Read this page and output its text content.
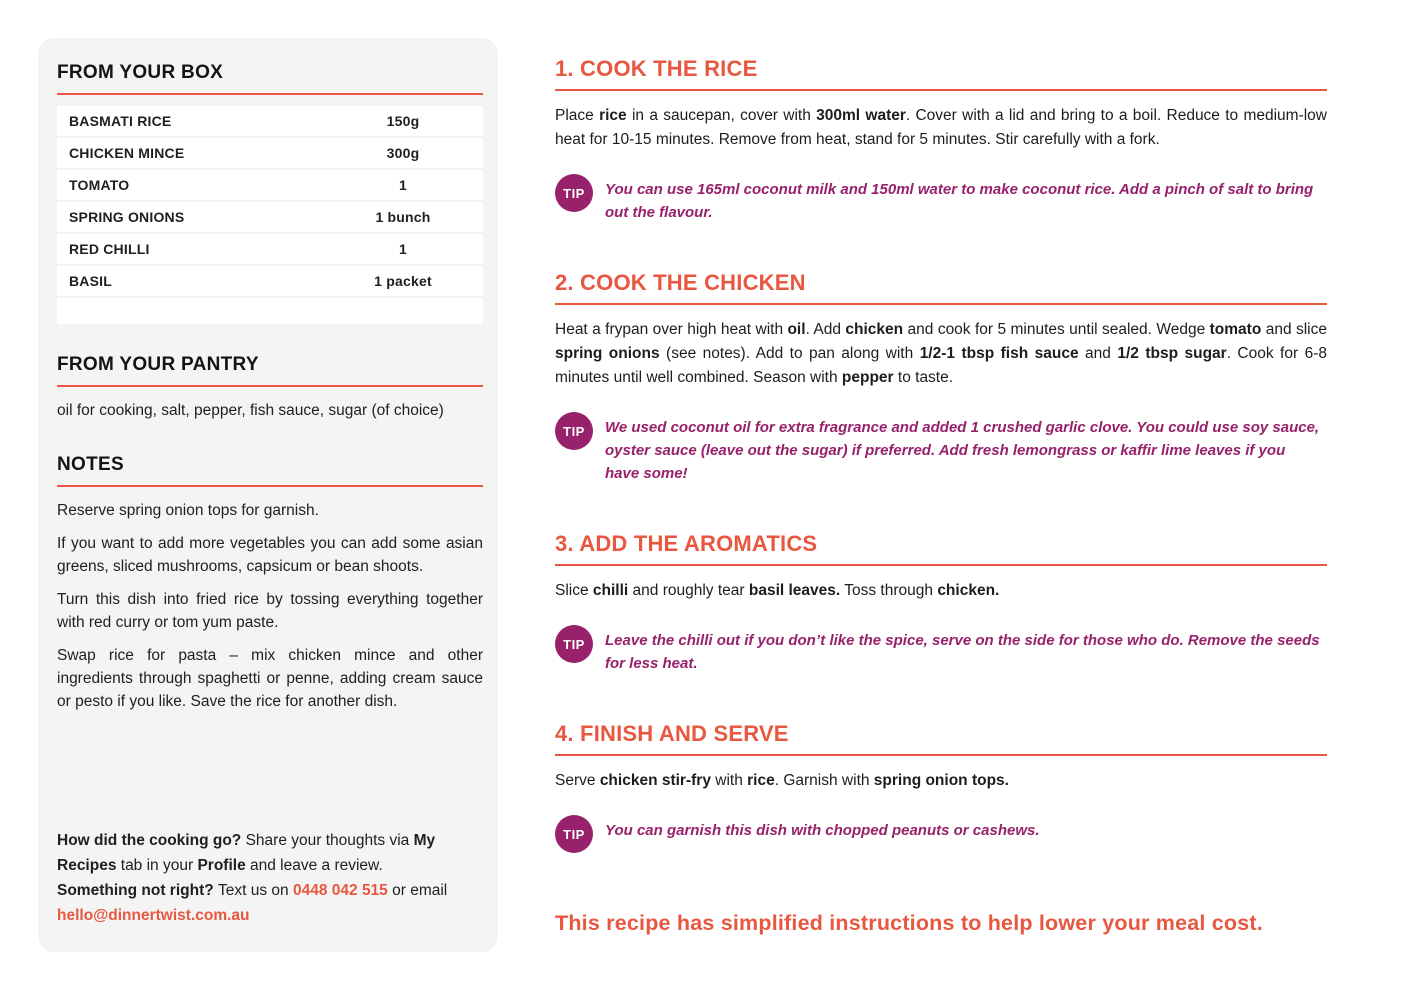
FROM YOUR BOX
BASMATI RICE	150g
CHICKEN MINCE	300g
TOMATO	1
SPRING ONIONS	1 bunch
RED CHILLI	1
BASIL	1 packet
FROM YOUR PANTRY

oil for cooking, salt, pepper, fish sauce, sugar (of choice)

NOTES

Reserve spring onion tops for garnish.

If you want to add more vegetables you can add some asian greens, sliced mushrooms, capsicum or bean shoots.

Turn this dish into fried rice by tossing everything together with red curry or tom yum paste.

Swap rice for pasta – mix chicken mince and other ingredients through spaghetti or penne, adding cream sauce or pesto if you like. Save the rice for another dish.

How did the cooking go? Share your thoughts via My Recipes tab in your Profile and leave a review.

Something not right? Text us on 0448 042 515 or email hello@dinnertwist.com.au

1. COOK THE RICE

Place rice in a saucepan, cover with 300ml water. Cover with a lid and bring to a boil. Reduce to medium-low heat for 10-15 minutes. Remove from heat, stand for 5 minutes. Stir carefully with a fork.

TIP	You can use 165ml coconut milk and 150ml water to make coconut rice. Add a pinch of salt to bring out the flavour.
2. COOK THE CHICKEN

Heat a frypan over high heat with oil. Add chicken and cook for 5 minutes until sealed. Wedge tomato and slice spring onions (see notes). Add to pan along with 1/2-1 tbsp fish sauce and 1/2 tbsp sugar. Cook for 6-8 minutes until well combined. Season with pepper to taste.

TIP	We used coconut oil for extra fragrance and added 1 crushed garlic clove. You could use soy sauce, oyster sauce (leave out the sugar) if preferred. Add fresh lemongrass or kaffir lime leaves if you have some!
3. ADD THE AROMATICS

Slice chilli and roughly tear basil leaves. Toss through chicken.

TIP	Leave the chilli out if you don’t like the spice, serve on the side for those who do. Remove the seeds for less heat.
4. FINISH AND SERVE

Serve chicken stir-fry with rice. Garnish with spring onion tops.

TIP	You can garnish this dish with chopped peanuts or cashews.

This recipe has simplified instructions to help lower your meal cost.
